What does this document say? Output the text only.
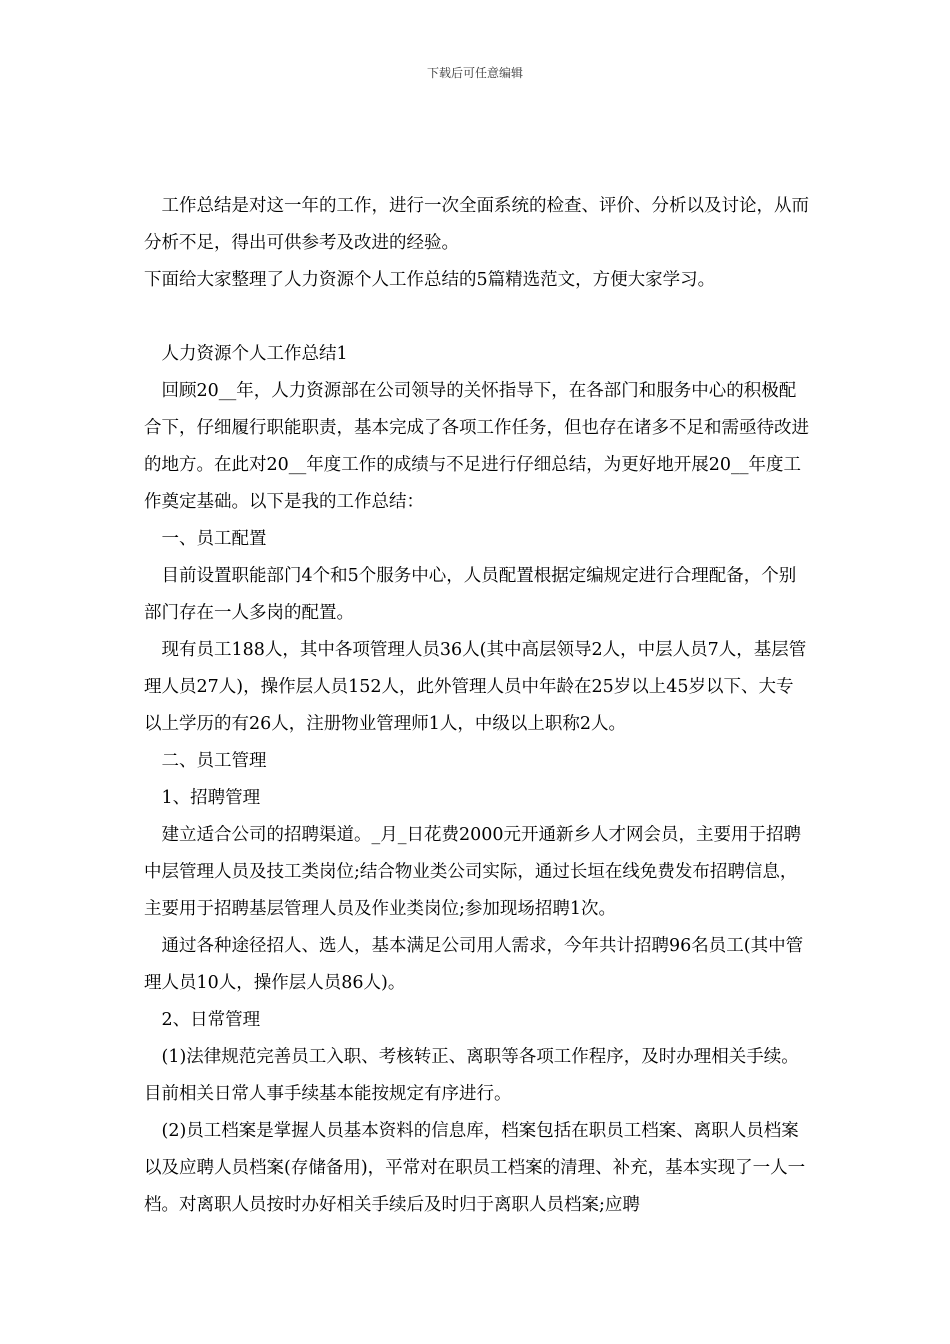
下载后可任意编辑

工作总结是对这一年的工作，进行一次全面系统的检查、评价、分析以及讨论，从而分析不足，得出可供参考及改进的经验。

下面给大家整理了人力资源个人工作总结的5篇精选范文，方便大家学习。

人力资源个人工作总结1

回顾20__年，人力资源部在公司领导的关怀指导下，在各部门和服务中心的积极配合下，仔细履行职能职责，基本完成了各项工作任务，但也存在诸多不足和需亟待改进的地方。在此对20__年度工作的成绩与不足进行仔细总结，为更好地开展20__年度工作奠定基础。以下是我的工作总结：

一、员工配置

目前设置职能部门4个和5个服务中心，人员配置根据定编规定进行合理配备，个别部门存在一人多岗的配置。

现有员工188人，其中各项管理人员36人(其中高层领导2人，中层人员7人，基层管理人员27人)，操作层人员152人，此外管理人员中年龄在25岁以上45岁以下、大专以上学历的有26人，注册物业管理师1人，中级以上职称2人。

二、员工管理

1、招聘管理

建立适合公司的招聘渠道。_月_日花费2000元开通新乡人才网会员，主要用于招聘中层管理人员及技工类岗位;结合物业类公司实际，通过长垣在线免费发布招聘信息，主要用于招聘基层管理人员及作业类岗位;参加现场招聘1次。

通过各种途径招人、选人，基本满足公司用人需求，今年共计招聘96名员工(其中管理人员10人，操作层人员86人)。

2、日常管理

(1)法律规范完善员工入职、考核转正、离职等各项工作程序，及时办理相关手续。目前相关日常人事手续基本能按规定有序进行。

(2)员工档案是掌握人员基本资料的信息库，档案包括在职员工档案、离职人员档案以及应聘人员档案(存储备用)，平常对在职员工档案的清理、补充，基本实现了一人一档。对离职人员按时办好相关手续后及时归于离职人员档案;应聘
